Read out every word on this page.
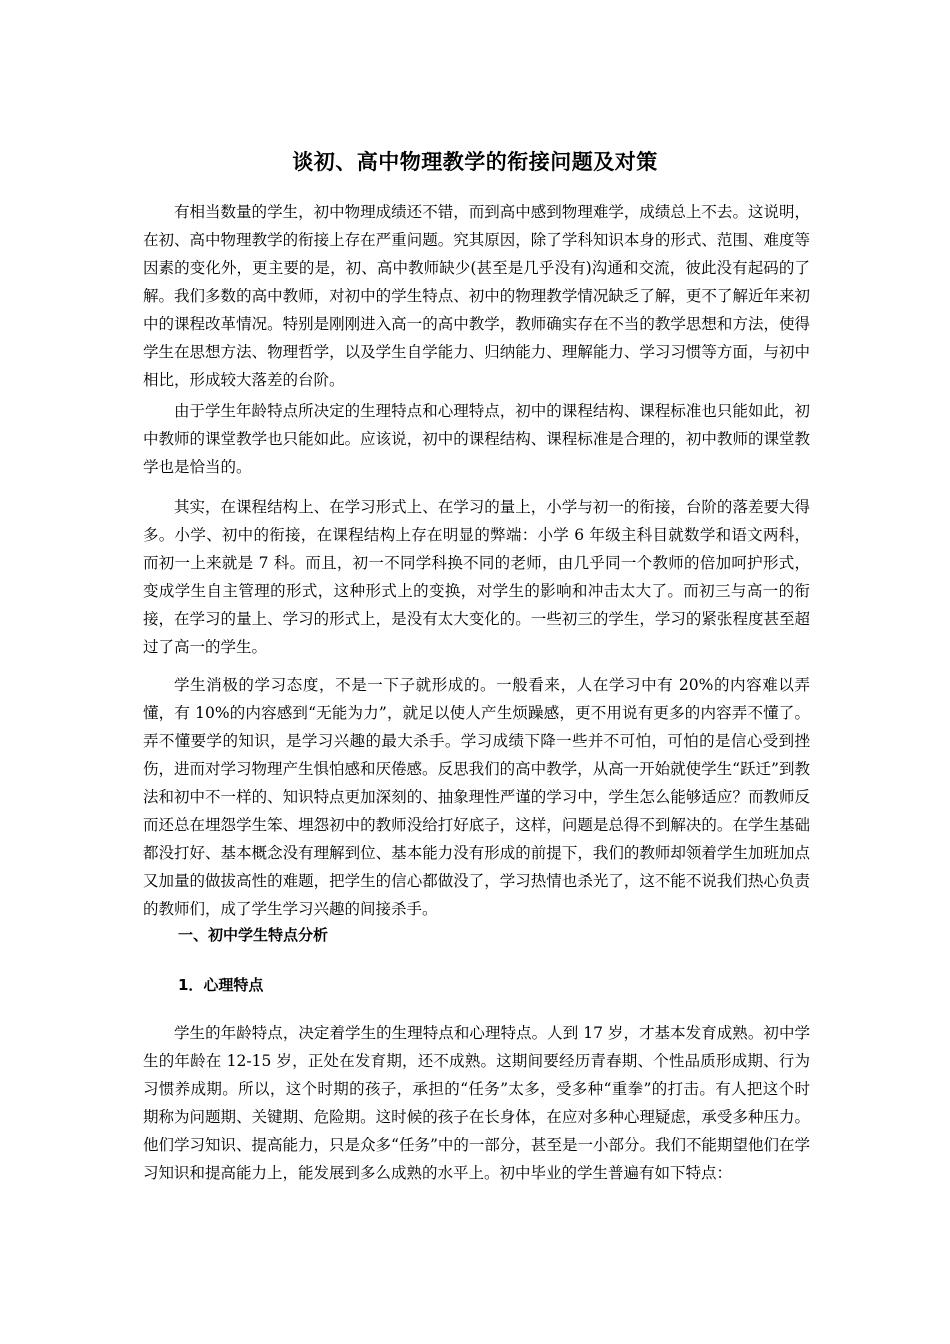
谈初、高中物理教学的衔接问题及对策

有相当数量的学生，初中物理成绩还不错，而到高中感到物理难学，成绩总上不去。这说明，在初、高中物理教学的衔接上存在严重问题。究其原因，除了学科知识本身的形式、范围、难度等因素的变化外，更主要的是，初、高中教师缺少(甚至是几乎没有)沟通和交流，彼此没有起码的了解。我们多数的高中教师，对初中的学生特点、初中的物理教学情况缺乏了解，更不了解近年来初中的课程改革情况。特别是刚刚进入高一的高中教学，教师确实存在不当的教学思想和方法，使得学生在思想方法、物理哲学，以及学生自学能力、归纳能力、理解能力、学习习惯等方面，与初中相比，形成较大落差的台阶。

由于学生年龄特点所决定的生理特点和心理特点，初中的课程结构、课程标准也只能如此，初中教师的课堂教学也只能如此。应该说，初中的课程结构、课程标准是合理的，初中教师的课堂教学也是恰当的。

其实，在课程结构上、在学习形式上、在学习的量上，小学与初一的衔接，台阶的落差要大得多。小学、初中的衔接，在课程结构上存在明显的弊端：小学 6 年级主科目就数学和语文两科，而初一上来就是 7 科。而且，初一不同学科换不同的老师，由几乎同一个教师的倍加呵护形式，变成学生自主管理的形式，这种形式上的变换，对学生的影响和冲击太大了。而初三与高一的衔接，在学习的量上、学习的形式上，是没有太大变化的。一些初三的学生，学习的紧张程度甚至超过了高一的学生。

学生消极的学习态度，不是一下子就形成的。一般看来，人在学习中有 20%的内容难以弄懂，有 10%的内容感到“无能为力”，就足以使人产生烦躁感，更不用说有更多的内容弄不懂了。弄不懂要学的知识，是学习兴趣的最大杀手。学习成绩下降一些并不可怕，可怕的是信心受到挫伤，进而对学习物理产生惧怕感和厌倦感。反思我们的高中教学，从高一开始就使学生“跃迁”到教法和初中不一样的、知识特点更加深刻的、抽象理性严谨的学习中，学生怎么能够适应？而教师反而还总在埋怨学生笨、埋怨初中的教师没给打好底子，这样，问题是总得不到解决的。在学生基础都没打好、基本概念没有理解到位、基本能力没有形成的前提下，我们的教师却领着学生加班加点又加量的做拔高性的难题，把学生的信心都做没了，学习热情也杀光了，这不能不说我们热心负责的教师们，成了学生学习兴趣的间接杀手。

一、初中学生特点分析
1．心理特点

学生的年龄特点，决定着学生的生理特点和心理特点。人到 17 岁，才基本发育成熟。初中学生的年龄在 12-15 岁，正处在发育期，还不成熟。这期间要经历青春期、个性品质形成期、行为习惯养成期。所以，这个时期的孩子，承担的“任务”太多，受多种“重拳”的打击。有人把这个时期称为问题期、关键期、危险期。这时候的孩子在长身体，在应对多种心理疑虑，承受多种压力。他们学习知识、提高能力，只是众多“任务”中的一部分，甚至是一小部分。我们不能期望他们在学习知识和提高能力上，能发展到多么成熟的水平上。初中毕业的学生普遍有如下特点：
